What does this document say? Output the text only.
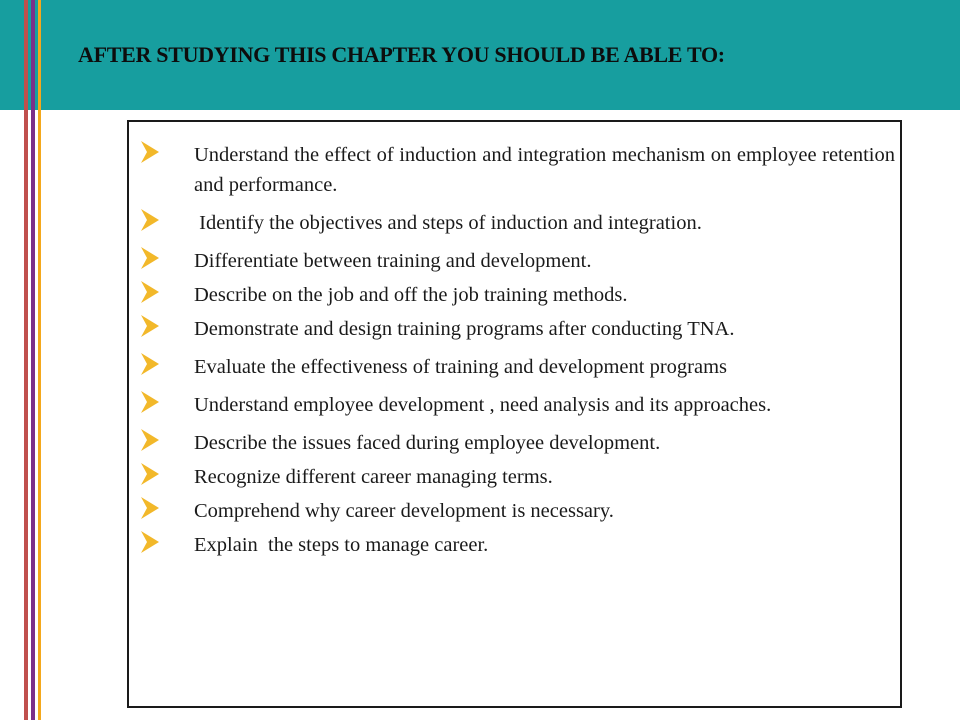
AFTER STUDYING THIS CHAPTER YOU SHOULD BE ABLE TO:
Understand the effect of induction and integration mechanism on employee retention and performance.
Identify the objectives and steps of induction and integration.
Differentiate between training and development.
Describe on the job and off the job training methods.
Demonstrate and design training programs after conducting TNA.
Evaluate the effectiveness of training and development programs
Understand employee development , need analysis and its approaches.
Describe the issues faced during employee development.
Recognize different career managing terms.
Comprehend why career development is necessary.
Explain  the steps to manage career.
